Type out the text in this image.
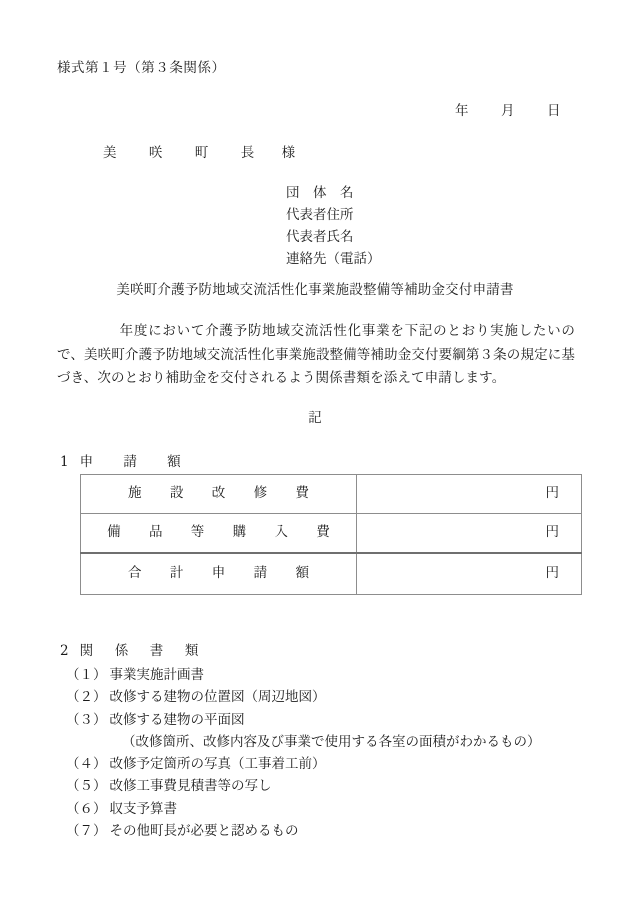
様式第１号（第３条関係）
年 月 日
美　咲　町　長 様
団　体　名
代表者住所
代表者氏名
連絡先（電話）
美咲町介護予防地域交流活性化事業施設整備等補助金交付申請書
年度において介護予防地域交流活性化事業を下記のとおり実施したいので、美咲町介護予防地域交流活性化事業施設整備等補助金交付要綱第３条の規定に基づき、次のとおり補助金を交付されるよう関係書類を添えて申請します。
記
1 申　請　額
施　設　改　修　費	円
備　品　等　購　入　費	円
合　計　申　請　額	円
2 関　係　書　類
（１） 事業実施計画書
（２） 改修する建物の位置図（周辺地図）
（３） 改修する建物の平面図
（改修箇所、改修内容及び事業で使用する各室の面積がわかるもの）
（４） 改修予定箇所の写真（工事着工前）
（５） 改修工事費見積書等の写し
（６） 収支予算書
（７） その他町長が必要と認めるもの
